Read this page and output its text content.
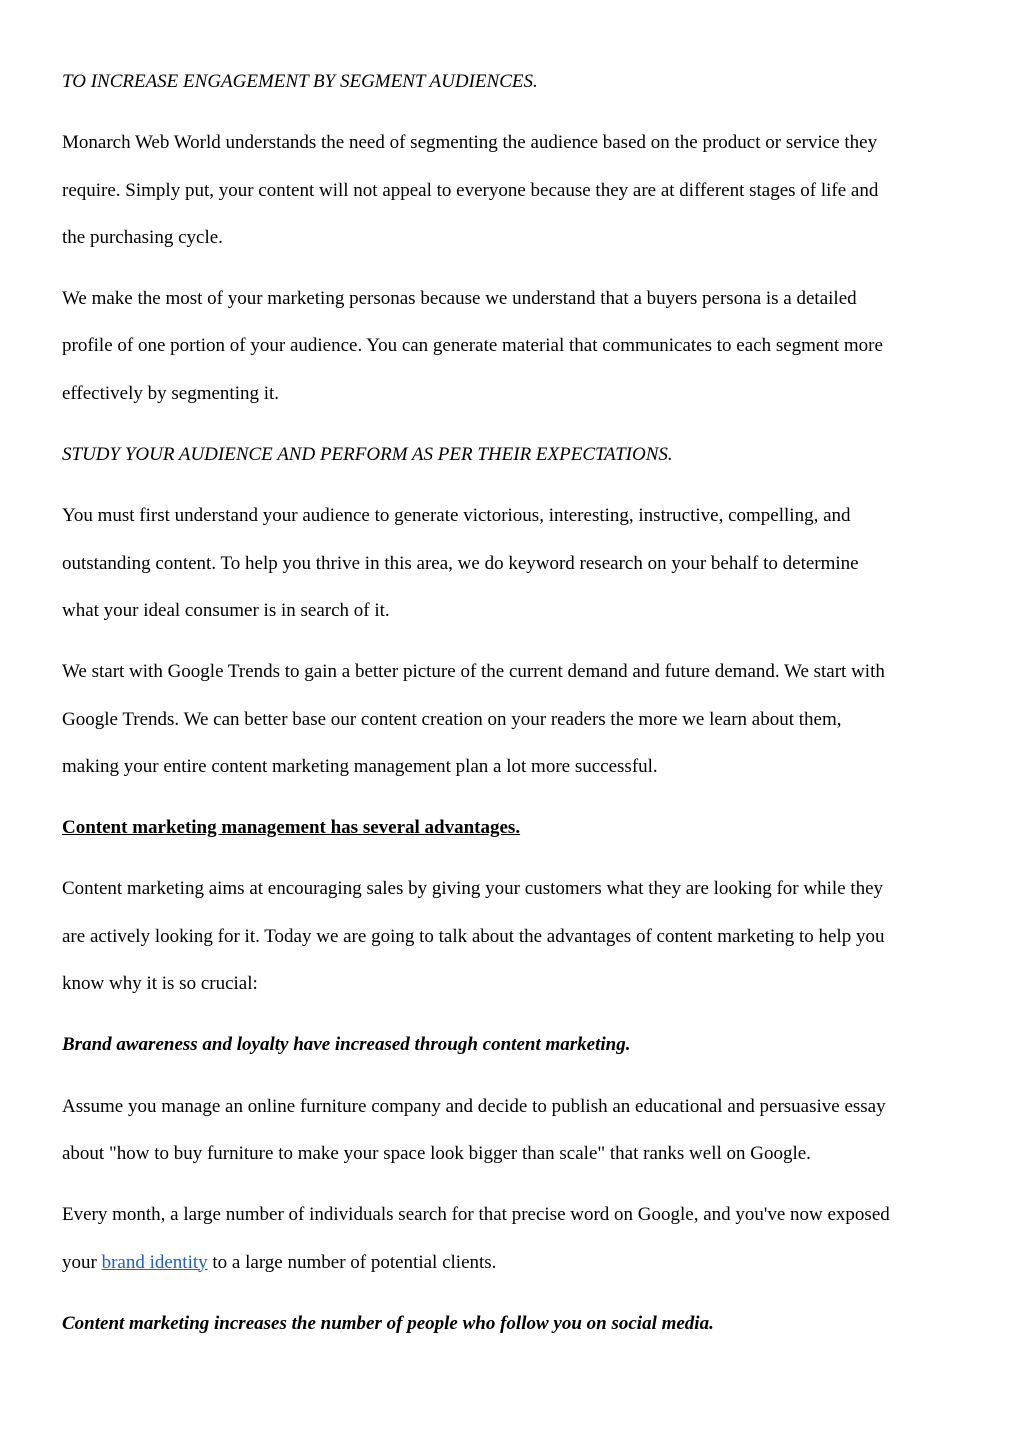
TO INCREASE ENGAGEMENT BY SEGMENT AUDIENCES.

Monarch Web World understands the need of segmenting the audience based on the product or service they
require. Simply put, your content will not appeal to everyone because they are at different stages of life and
the purchasing cycle.

We make the most of your marketing personas because we understand that a buyers persona is a detailed
profile of one portion of your audience. You can generate material that communicates to each segment more
effectively by segmenting it.

STUDY YOUR AUDIENCE AND PERFORM AS PER THEIR EXPECTATIONS.

You must first understand your audience to generate victorious, interesting, instructive, compelling, and
outstanding content. To help you thrive in this area, we do keyword research on your behalf to determine
what your ideal consumer is in search of it.

We start with Google Trends to gain a better picture of the current demand and future demand. We start with
Google Trends. We can better base our content creation on your readers the more we learn about them,
making your entire content marketing management plan a lot more successful.

Content marketing management has several advantages.

Content marketing aims at encouraging sales by giving your customers what they are looking for while they
are actively looking for it. Today we are going to talk about the advantages of content marketing to help you
know why it is so crucial:

Brand awareness and loyalty have increased through content marketing.

Assume you manage an online furniture company and decide to publish an educational and persuasive essay
about "how to buy furniture to make your space look bigger than scale" that ranks well on Google.

Every month, a large number of individuals search for that precise word on Google, and you've now exposed
your brand identity to a large number of potential clients.

Content marketing increases the number of people who follow you on social media.
